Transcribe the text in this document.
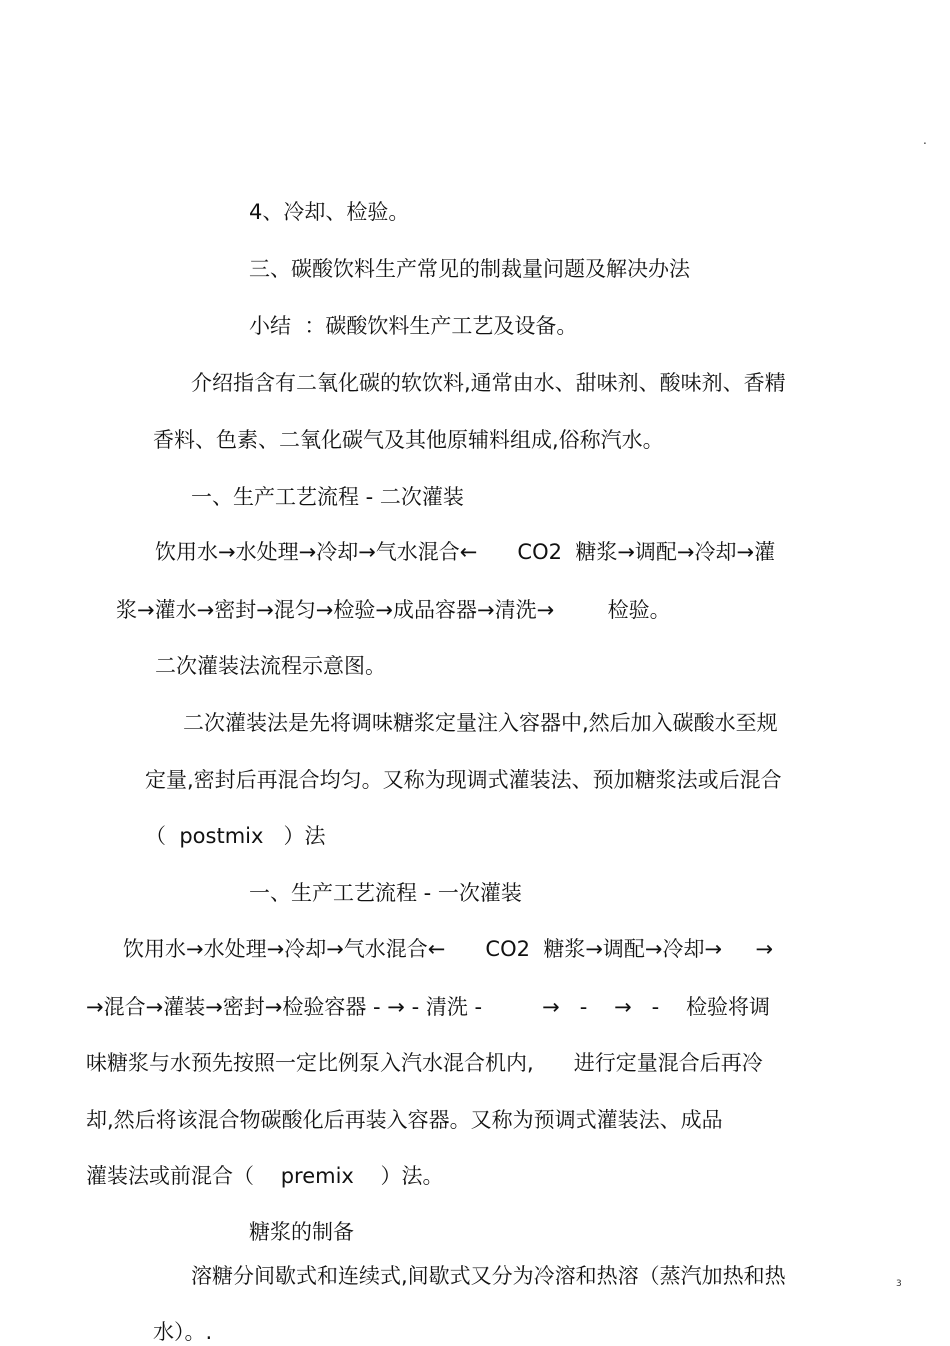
.
4、冷却、检验。
三、碳酸饮料生产常见的制裁量问题及解决办法
小结  ：碳酸饮料生产工艺及设备。
介绍指含有二氧化碳的软饮料,通常由水、甜味剂、酸味剂、香精
香料、色素、二氧化碳气及其他原辅料组成,俗称汽水。
一、生产工艺流程 - 二次灌装
饮用水→水处理→冷却→气水混合←      CO2  糖浆→调配→冷却→灌
浆→灌水→密封→混匀→检验→成品容器→清洗→        检验。
二次灌装法流程示意图。
二次灌装法是先将调味糖浆定量注入容器中,然后加入碳酸水至规
定量,密封后再混合均匀。又称为现调式灌装法、预加糖浆法或后混合
（  postmix   ）法
一、生产工艺流程 - 一次灌装
饮用水→水处理→冷却→气水混合←      CO2  糖浆→调配→冷却→     →
→混合→灌装→密封→检验容器 - → - 清洗 -         →   -    →   -    检验将调
味糖浆与水预先按照一定比例泵入汽水混合机内,      进行定量混合后再冷
却,然后将该混合物碳酸化后再装入容器。又称为预调式灌装法、成品
灌装法或前混合（    premix    ）法。
糖浆的制备
溶糖分间歇式和连续式,间歇式又分为冷溶和热溶（蒸汽加热和热
水）。.
3
